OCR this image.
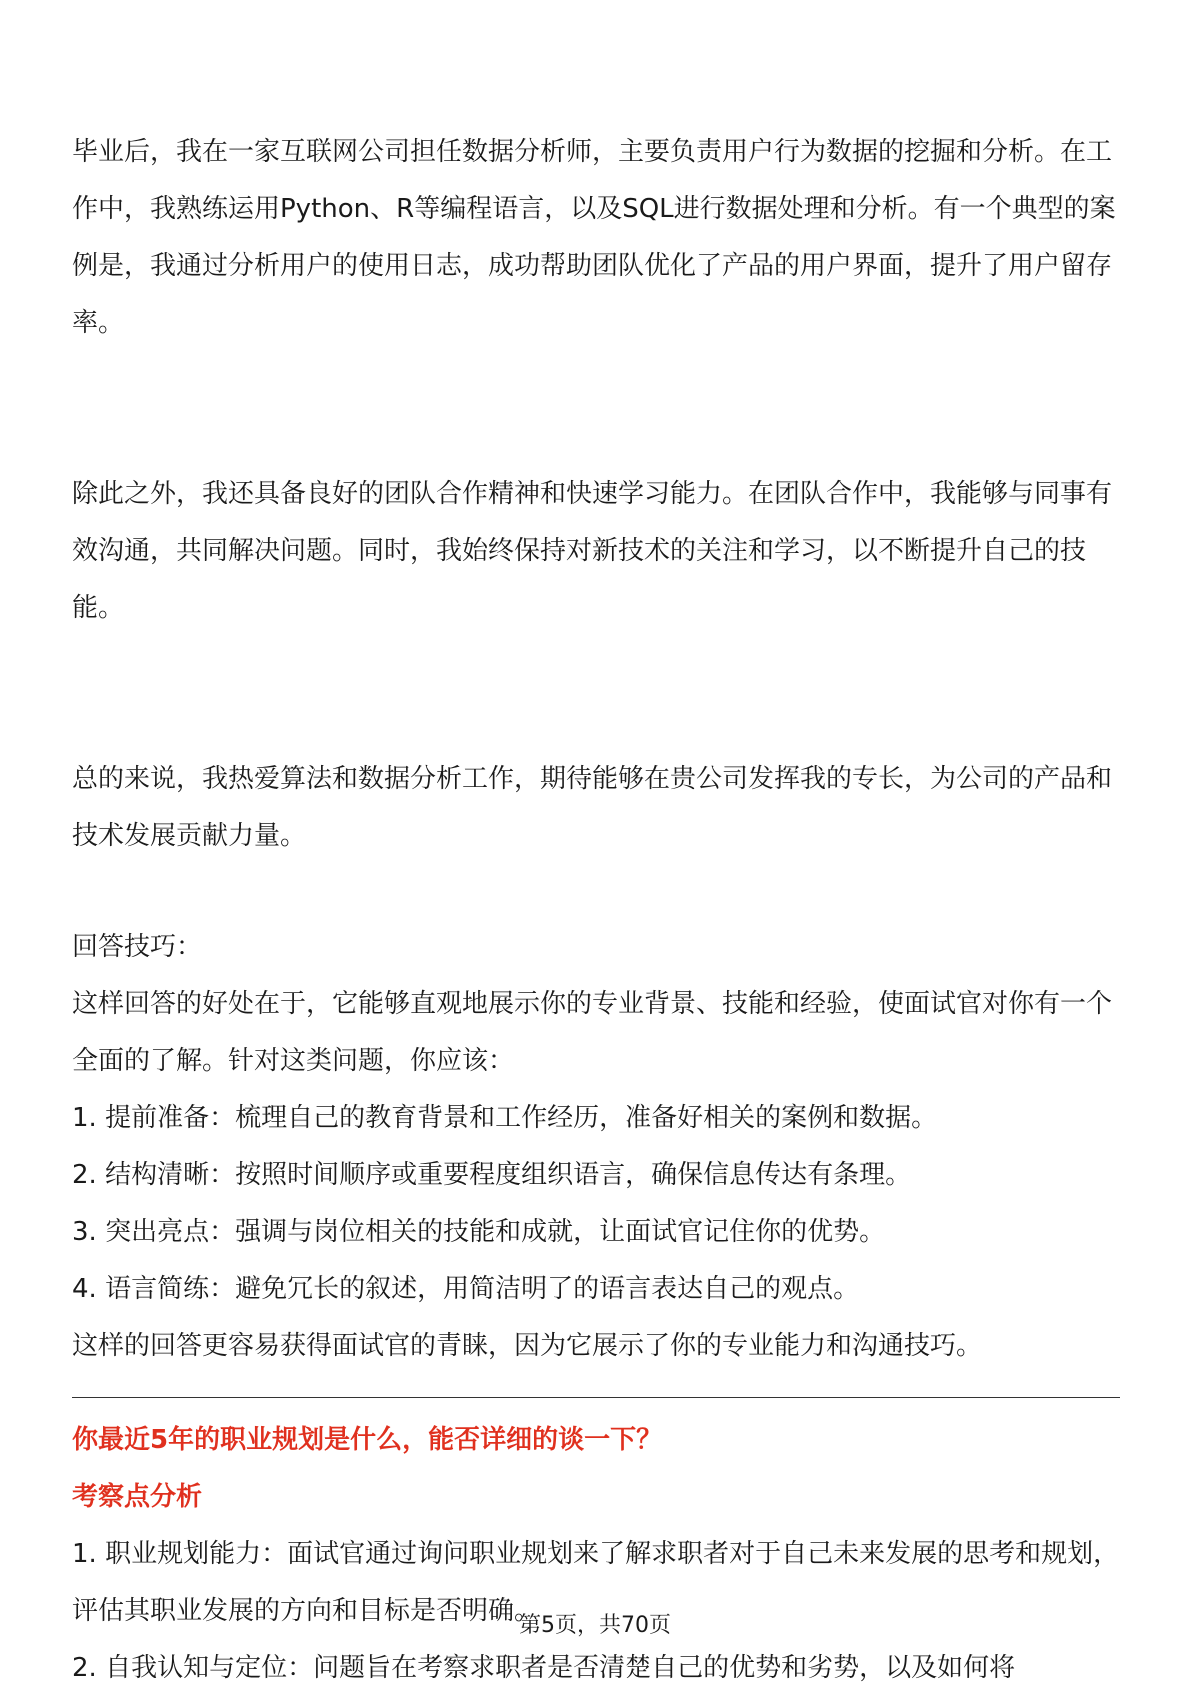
毕业后，我在一家互联网公司担任数据分析师，主要负责用户行为数据的挖掘和分析。在工作中，我熟练运用Python、R等编程语言，以及SQL进行数据处理和分析。有一个典型的案例是，我通过分析用户的使用日志，成功帮助团队优化了产品的用户界面，提升了用户留存率。

除此之外，我还具备良好的团队合作精神和快速学习能力。在团队合作中，我能够与同事有效沟通，共同解决问题。同时，我始终保持对新技术的关注和学习，以不断提升自己的技能。

总的来说，我热爱算法和数据分析工作，期待能够在贵公司发挥我的专长，为公司的产品和技术发展贡献力量。

回答技巧：

这样回答的好处在于，它能够直观地展示你的专业背景、技能和经验，使面试官对你有一个全面的了解。针对这类问题，你应该：

1. 提前准备：梳理自己的教育背景和工作经历，准备好相关的案例和数据。

2. 结构清晰：按照时间顺序或重要程度组织语言，确保信息传达有条理。

3. 突出亮点：强调与岗位相关的技能和成就，让面试官记住你的优势。

4. 语言简练：避免冗长的叙述，用简洁明了的语言表达自己的观点。

这样的回答更容易获得面试官的青睐，因为它展示了你的专业能力和沟通技巧。

你最近5年的职业规划是什么，能否详细的谈一下？

考察点分析

1. 职业规划能力：面试官通过询问职业规划来了解求职者对于自己未来发展的思考和规划，评估其职业发展的方向和目标是否明确。

2. 自我认知与定位：问题旨在考察求职者是否清楚自己的优势和劣势，以及如何将

第5页，共70页
